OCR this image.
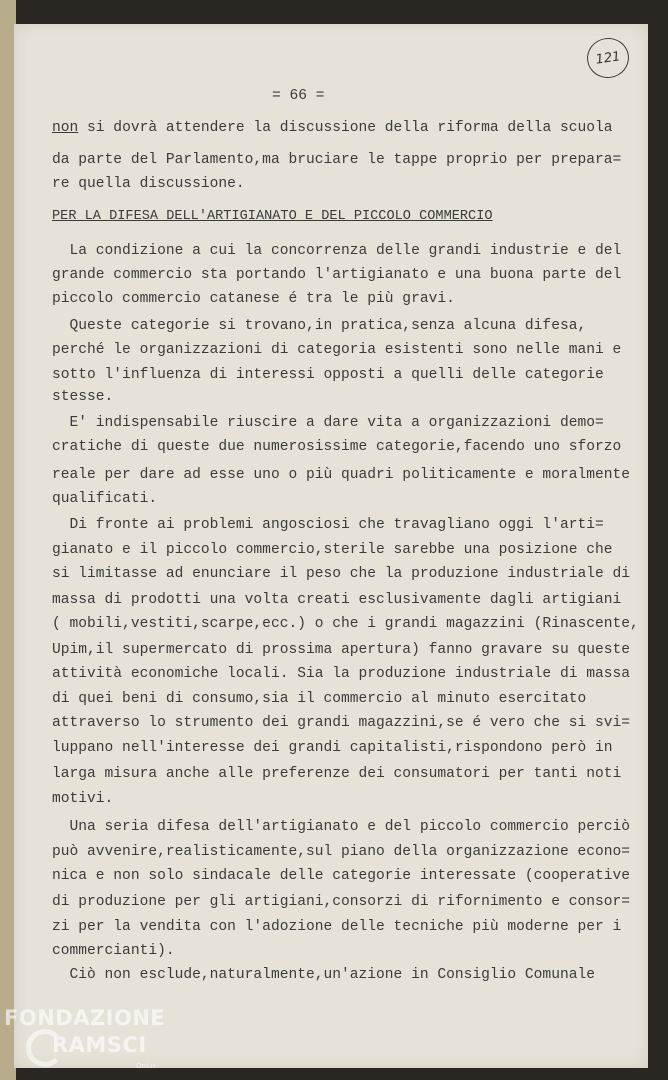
121
= 66 =
non si dovrà attendere la discussione della riforma della scuola
da parte del Parlamento,ma bruciare le tappe proprio per prepara=
re quella discussione.
PER LA DIFESA DELL'ARTIGIANATO E DEL PICCOLO COMMERCIO
La condizione a cui la concorrenza delle grandi industrie e del
grande commercio sta portando l'artigianato e una buona parte del
piccolo commercio catanese é tra le più gravi.
Queste categorie si trovano,in pratica,senza alcuna difesa,
perché le organizzazioni di categoria esistenti sono nelle mani e
sotto l'influenza di interessi opposti a quelli delle categorie
stesse.
E' indispensabile riuscire a dare vita a organizzazioni demo=
cratiche di queste due numerosissime categorie,facendo uno sforzo
reale per dare ad esse uno o più quadri politicamente e moralmente
qualificati.
Di fronte ai problemi angosciosi che travagliano oggi l'arti=
gianato e il piccolo commercio,sterile sarebbe una posizione che
si limitasse ad enunciare il peso che la produzione industriale di
massa di prodotti una volta creati esclusivamente dagli artigiani
( mobili,vestiti,scarpe,ecc.) o che i grandi magazzini (Rinascente,
Upim,il supermercato di prossima apertura) fanno gravare su queste
attività economiche locali. Sia la produzione industriale di massa
di quei beni di consumo,sia il commercio al minuto esercitato
attraverso lo strumento dei grandi magazzini,se é vero che si svi=
luppano nell'interesse dei grandi capitalisti,rispondono però in
larga misura anche alle preferenze dei consumatori per tanti noti
motivi.
Una seria difesa dell'artigianato e del piccolo commercio perciò
può avvenire,realisticamente,sul piano della organizzazione econo=
nica e non solo sindacale delle categorie interessate (cooperative
di produzione per gli artigiani,consorzi di rifornimento e consor=
zi per la vendita con l'adozione delle tecniche più moderne per i
commercianti).
Ciò non esclude,naturalmente,un'azione in Consiglio Comunale
FONDAZIONE
RAMSCI
Onlus
